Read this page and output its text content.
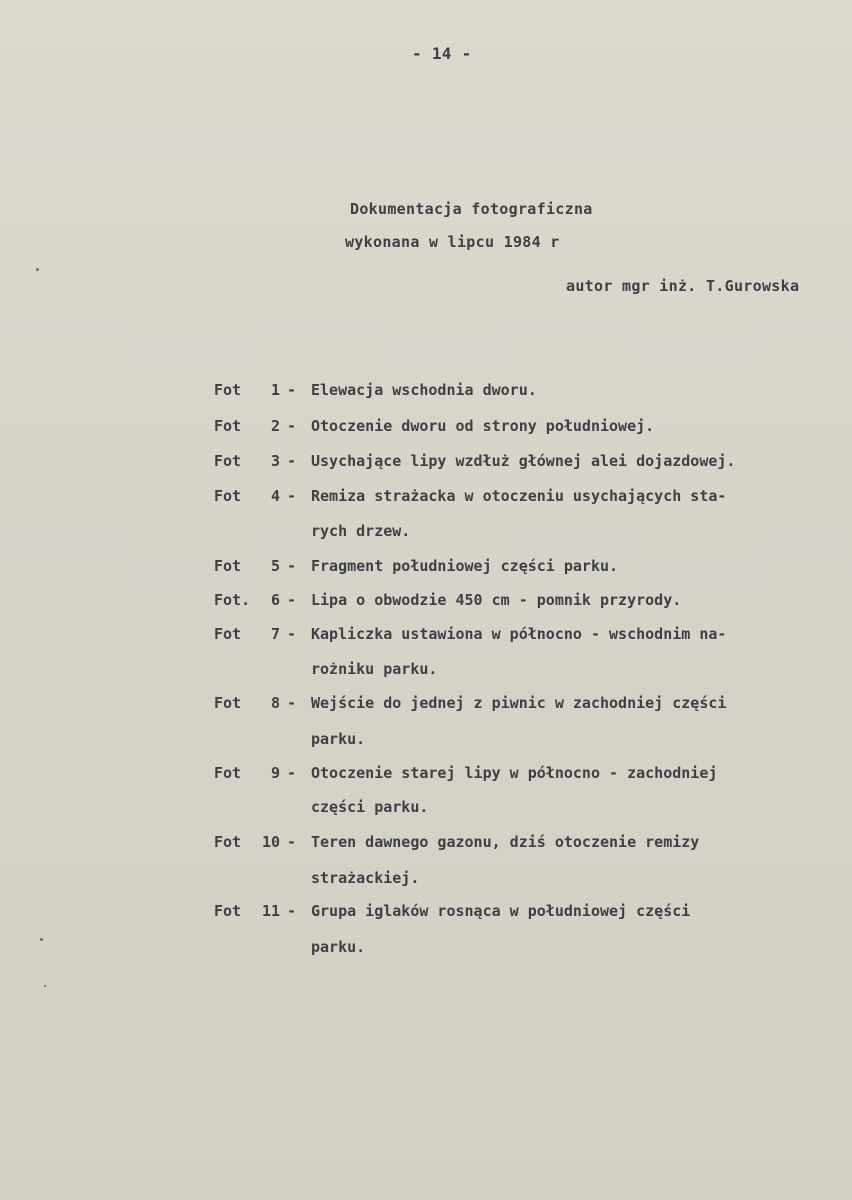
- 14 -
Dokumentacja fotograficzna
wykonana w lipcu 1984 r
autor mgr inż. T.Gurowska
Fot	1 - Elewacja wschodnia dworu.
Fot	2 - Otoczenie dworu od strony południowej.
Fot	3 - Usychające lipy wzdłuż głównej alei dojazdowej.
Fot	4 - Remiza strażacka w otoczeniu usychających sta-
rych drzew.
Fot	5 - Fragment południowej części parku.
Fot.	6 - Lipa o obwodzie 450 cm - pomnik przyrody.
Fot	7 - Kapliczka ustawiona w północno - wschodnim na-
rożniku parku.
Fot	8 - Wejście do jednej z piwnic w zachodniej części
parku.
Fot	9 - Otoczenie starej lipy w północno - zachodniej
części parku.
Fot 10 - Teren dawnego gazonu, dziś otoczenie remizy
strażackiej.
Fot 11 - Grupa iglaków rosnąca w południowej części
parku.
